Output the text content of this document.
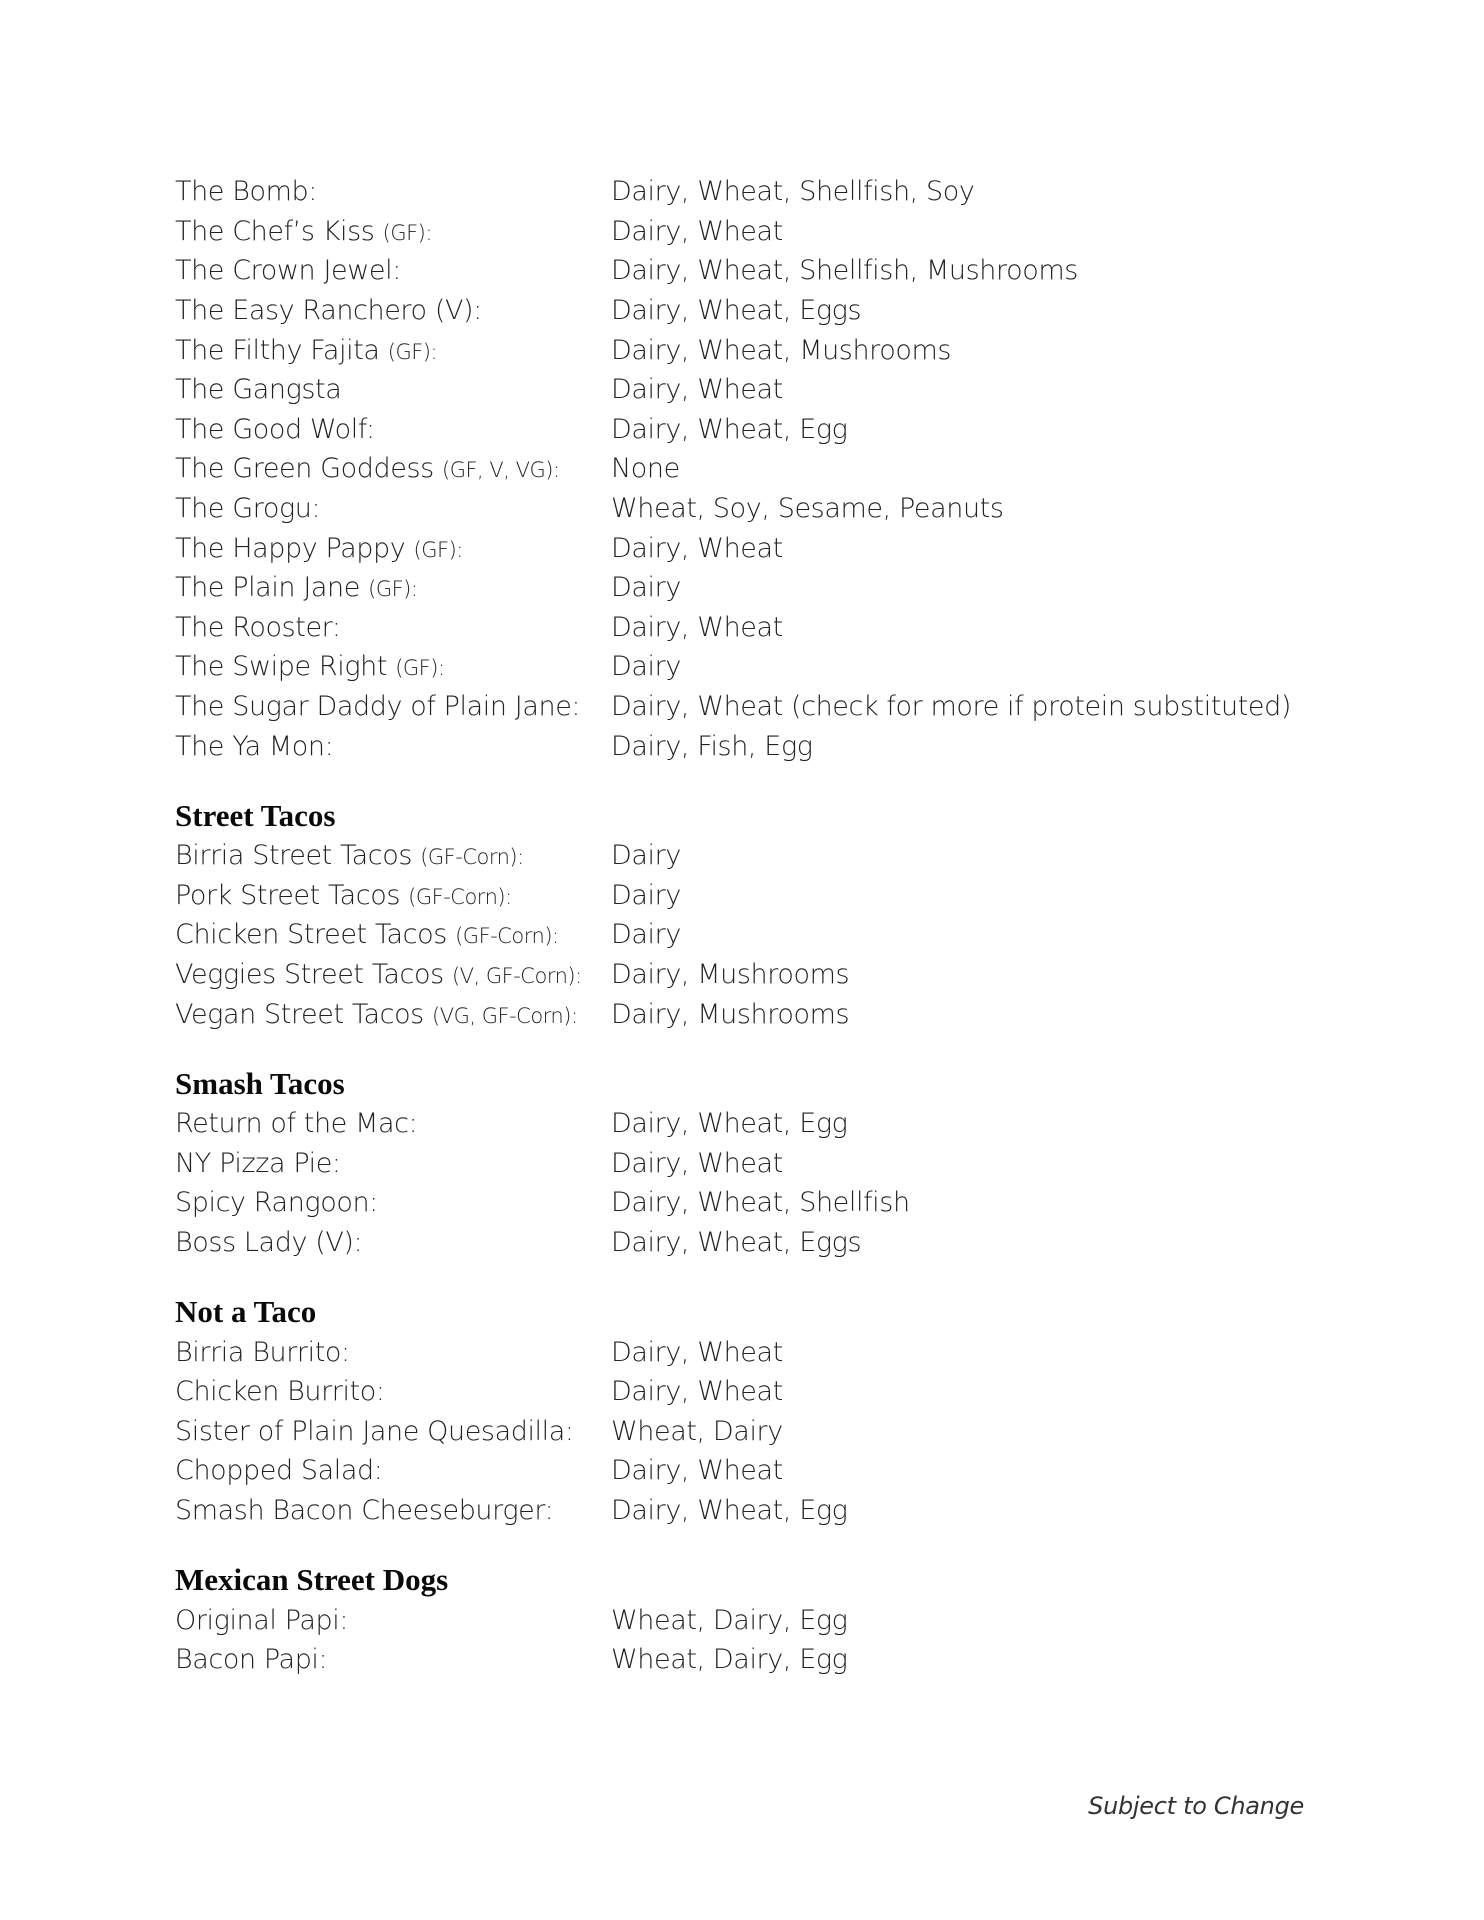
The Bomb:	Dairy, Wheat, Shellfish, Soy
The Chef’s Kiss (GF):	Dairy, Wheat
The Crown Jewel:	Dairy, Wheat, Shellfish, Mushrooms
The Easy Ranchero (V):	Dairy, Wheat, Eggs
The Filthy Fajita (GF):	Dairy, Wheat, Mushrooms
The Gangsta	Dairy, Wheat
The Good Wolf:	Dairy, Wheat, Egg
The Green Goddess (GF, V, VG):	None
The Grogu:	Wheat, Soy, Sesame, Peanuts
The Happy Pappy (GF):	Dairy, Wheat
The Plain Jane (GF):	Dairy
The Rooster:	Dairy, Wheat
The Swipe Right (GF):	Dairy
The Sugar Daddy of Plain Jane:	Dairy, Wheat (check for more if protein substituted)
The Ya Mon:	Dairy, Fish, Egg
Street Tacos
Birria Street Tacos (GF-Corn):	Dairy
Pork Street Tacos (GF-Corn):	Dairy
Chicken Street Tacos (GF-Corn):	Dairy
Veggies Street Tacos (V, GF-Corn):	Dairy, Mushrooms
Vegan Street Tacos (VG, GF-Corn):	Dairy, Mushrooms
Smash Tacos
Return of the Mac:	Dairy, Wheat, Egg
NY Pizza Pie:	Dairy, Wheat
Spicy Rangoon:	Dairy, Wheat, Shellfish
Boss Lady (V):	Dairy, Wheat, Eggs
Not a Taco
Birria Burrito:	Dairy, Wheat
Chicken Burrito:	Dairy, Wheat
Sister of Plain Jane Quesadilla:	Wheat, Dairy
Chopped Salad:	Dairy, Wheat
Smash Bacon Cheeseburger:	Dairy, Wheat, Egg
Mexican Street Dogs
Original Papi:	Wheat, Dairy, Egg
Bacon Papi:	Wheat, Dairy, Egg
Subject to Change
